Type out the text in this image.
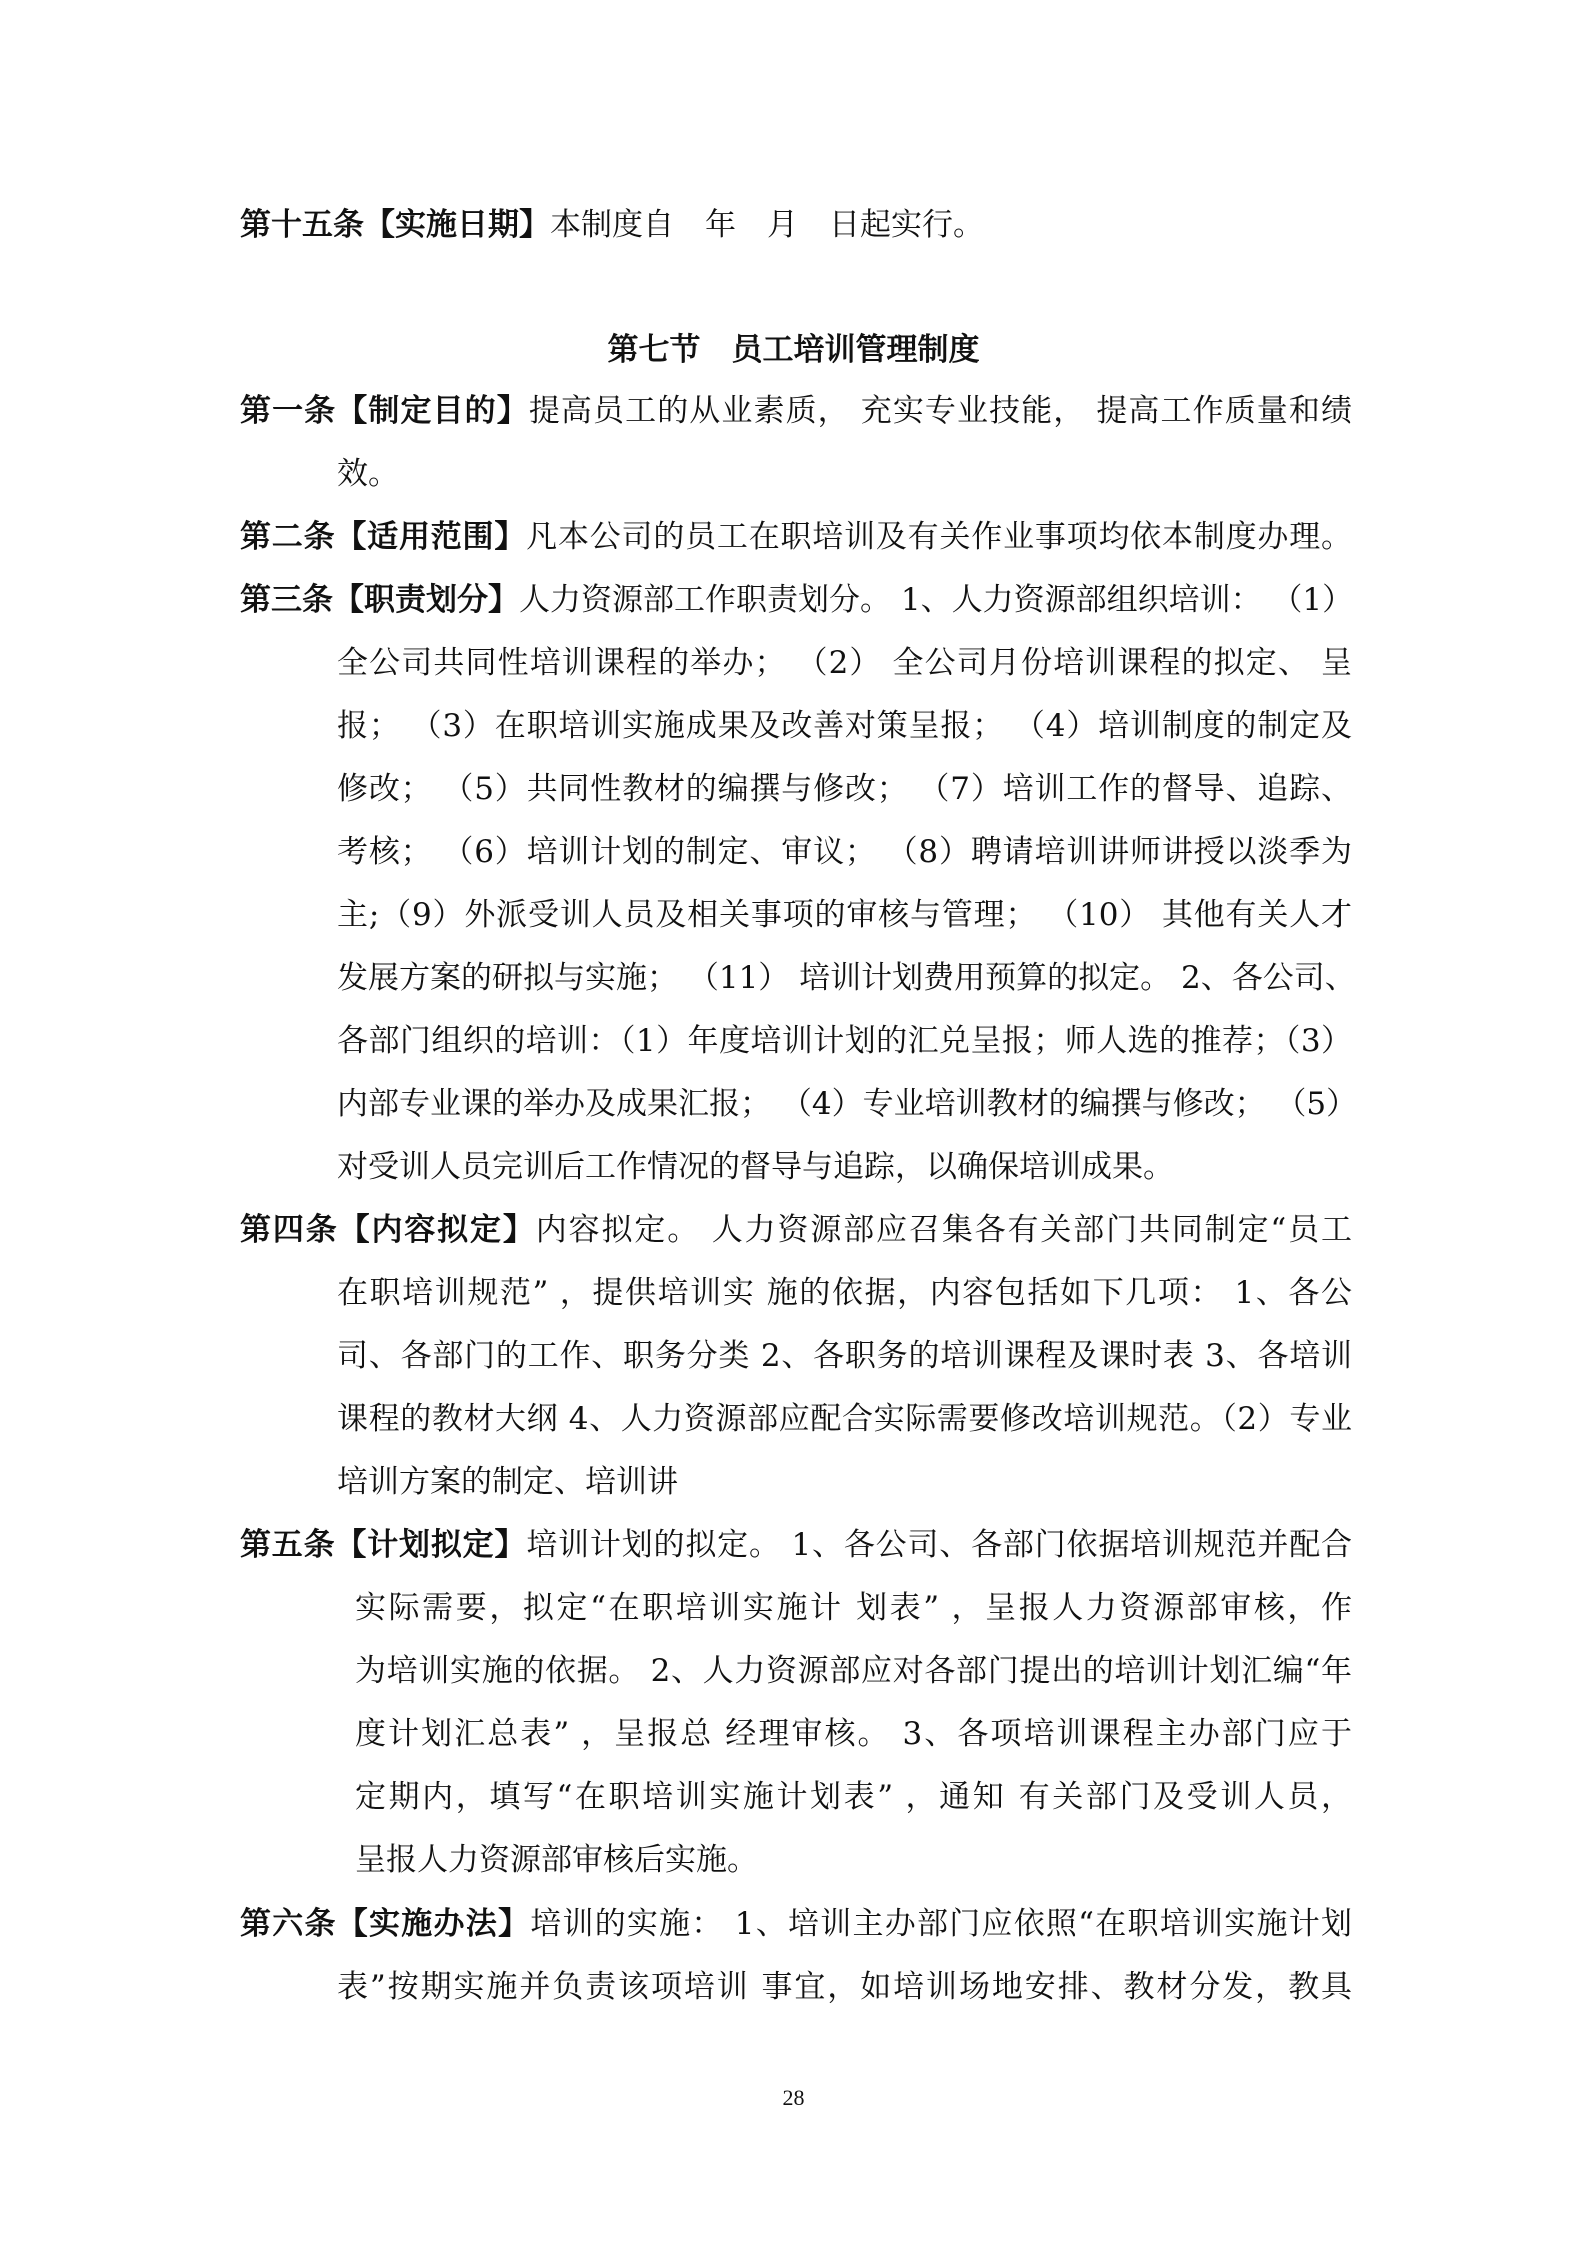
第十五条【实施日期】本制度自　年　月　日起实行。
第七节　员工培训管理制度
第一条【制定目的】提高员工的从业素质， 充实专业技能， 提高工作质量和绩
效。
第二条【适用范围】凡本公司的员工在职培训及有关作业事项均依本制度办理。
第三条【职责划分】人力资源部工作职责划分。 1、人力资源部组织培训： （1）
全公司共同性培训课程的举办； （2） 全公司月份培训课程的拟定、 呈
报； （3）在职培训实施成果及改善对策呈报； （4）培训制度的制定及
修改； （5）共同性教材的编撰与修改； （7）培训工作的督导、追踪、
考核； （6）培训计划的制定、审议； （8）聘请培训讲师讲授以淡季为
主;（9）外派受训人员及相关事项的审核与管理； （10） 其他有关人才
发展方案的研拟与实施； （11） 培训计划费用预算的拟定。 2、各公司、
各部门组织的培训：（1）年度培训计划的汇兑呈报；师人选的推荐；（3）
内部专业课的举办及成果汇报； （4）专业培训教材的编撰与修改； （5）
对受训人员完训后工作情况的督导与追踪，以确保培训成果。
第四条【内容拟定】内容拟定。 人力资源部应召集各有关部门共同制定“员工
在职培训规范” ，提供培训实 施的依据，内容包括如下几项： 1、各公
司、各部门的工作、职务分类 2、各职务的培训课程及课时表 3、各培训
课程的教材大纲 4、人力资源部应配合实际需要修改培训规范。（2）专业
培训方案的制定、培训讲
第五条【计划拟定】培训计划的拟定。 1、各公司、各部门依据培训规范并配合
实际需要，拟定“在职培训实施计 划表” ，呈报人力资源部审核，作
为培训实施的依据。 2、人力资源部应对各部门提出的培训计划汇编“年
度计划汇总表” ，呈报总 经理审核。 3、各项培训课程主办部门应于
定期内，填写“在职培训实施计划表” ，通知 有关部门及受训人员，
呈报人力资源部审核后实施。
第六条【实施办法】培训的实施： 1、培训主办部门应依照“在职培训实施计划
表”按期实施并负责该项培训 事宜，如培训场地安排、教材分发，教具
28
